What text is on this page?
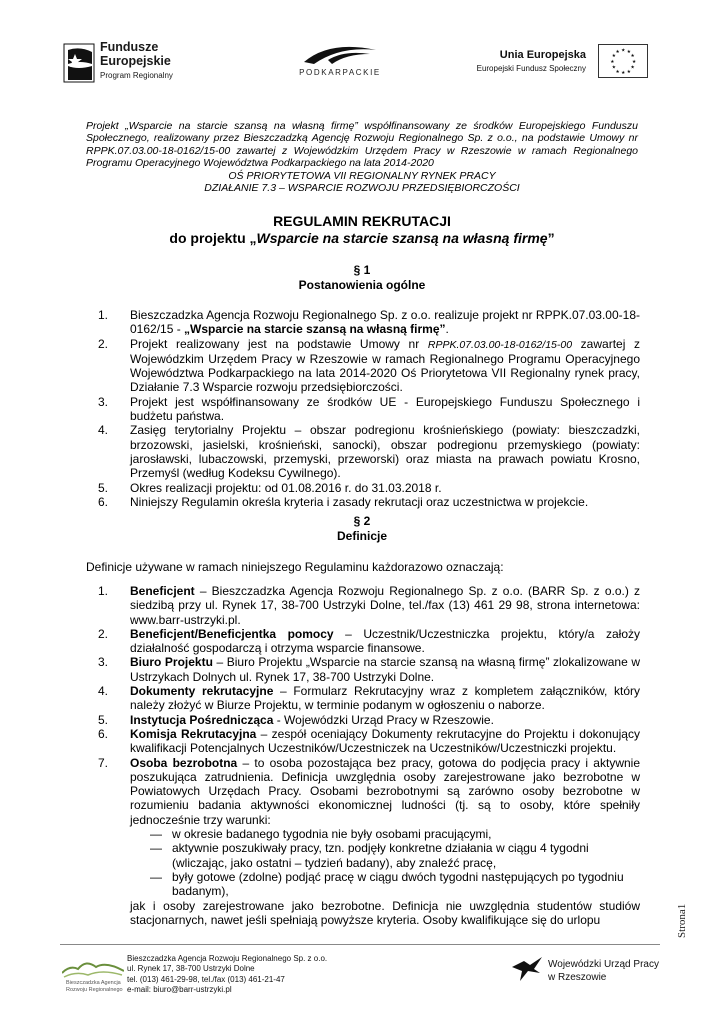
Fundusze
Europejskie
Program Regionalny	PODKARPACKIE
Unia Europejska
Europejski Fundusz Społeczny
★ ★
★
★
★
★
★
★
★
★
★
★
Projekt „Wsparcie na starcie szansą na własną firmę” współfinansowany ze środków Europejskiego Funduszu Społecznego, realizowany przez Bieszczadzką Agencję Rozwoju Regionalnego Sp. z o.o., na podstawie Umowy nr RPPK.07.03.00-18-0162/15-00 zawartej z Wojewódzkim Urzędem Pracy w Rzeszowie w ramach Regionalnego Programu Operacyjnego Województwa Podkarpackiego na lata 2014-2020
OŚ PRIORYTETOWA VII REGIONALNY RYNEK PRACY
DZIAŁANIE 7.3 – WSPARCIE ROZWOJU PRZEDSIĘBIORCZOŚCI
REGULAMIN REKRUTACJI
do projektu „Wsparcie na starcie szansą na własną firmę”
§ 1
Postanowienia ogólne
1. Bieszczadzka Agencja Rozwoju Regionalnego Sp. z o.o. realizuje projekt nr RPPK.07.03.00-18-0162/15 - „Wsparcie na starcie szansą na własną firmę”.
2. Projekt realizowany jest na podstawie Umowy nr RPPK.07.03.00-18-0162/15-00 zawartej z Wojewódzkim Urzędem Pracy w Rzeszowie w ramach Regionalnego Programu Operacyjnego Województwa Podkarpackiego na lata 2014-2020 Oś Priorytetowa VII Regionalny rynek pracy, Działanie 7.3 Wsparcie rozwoju przedsiębiorczości.
3. Projekt jest współfinansowany ze środków UE - Europejskiego Funduszu Społecznego i budżetu państwa.
4. Zasięg terytorialny Projektu – obszar podregionu krośnieńskiego (powiaty: bieszczadzki, brzozowski, jasielski, krośnieński, sanocki), obszar podregionu przemyskiego (powiaty: jarosławski, lubaczowski, przemyski, przeworski) oraz miasta na prawach powiatu Krosno, Przemyśl (według Kodeksu Cywilnego).
5. Okres realizacji projektu: od 01.08.2016 r. do 31.03.2018 r.
6. Niniejszy Regulamin określa kryteria i zasady rekrutacji oraz uczestnictwa w projekcie.
§ 2
Definicje
Definicje używane w ramach niniejszego Regulaminu każdorazowo oznaczają:
1. Beneficjent – Bieszczadzka Agencja Rozwoju Regionalnego Sp. z o.o. (BARR Sp. z o.o.) z siedzibą przy ul. Rynek 17, 38-700 Ustrzyki Dolne, tel./fax (13) 461 29 98, strona internetowa: www.barr-ustrzyki.pl.
2. Beneficjent/Beneficjentka pomocy – Uczestnik/Uczestniczka projektu, który/a założy działalność gospodarczą i otrzyma wsparcie finansowe.
3. Biuro Projektu – Biuro Projektu „Wsparcie na starcie szansą na własną firmę” zlokalizowane w Ustrzykach Dolnych ul. Rynek 17, 38-700 Ustrzyki Dolne.
4. Dokumenty rekrutacyjne – Formularz Rekrutacyjny wraz z kompletem załączników, który należy złożyć w Biurze Projektu, w terminie podanym w ogłoszeniu o naborze.
5. Instytucja Pośrednicząca - Wojewódzki Urząd Pracy w Rzeszowie.
6. Komisja Rekrutacyjna – zespół oceniający Dokumenty rekrutacyjne do Projektu i dokonujący kwalifikacji Potencjalnych Uczestników/Uczestniczek na Uczestników/Uczestniczki projektu.
7. Osoba bezrobotna – to osoba pozostająca bez pracy, gotowa do podjęcia pracy i aktywnie poszukująca zatrudnienia. Definicja uwzględnia osoby zarejestrowane jako bezrobotne w Powiatowych Urzędach Pracy. Osobami bezrobotnymi są zarówno osoby bezrobotne w rozumieniu badania aktywności ekonomicznej ludności (tj. są to osoby, które spełniły jednocześnie trzy warunki:
— w okresie badanego tygodnia nie były osobami pracującymi,
— aktywnie poszukiwały pracy, tzn. podjęły konkretne działania w ciągu 4 tygodni (wliczając, jako ostatni – tydzień badany), aby znaleźć pracę,
— były gotowe (zdolne) podjąć pracę w ciągu dwóch tygodni następujących po tygodniu badanym),
jak i osoby zarejestrowane jako bezrobotne. Definicja nie uwzględnia studentów studiów stacjonarnych, nawet jeśli spełniają powyższe kryteria. Osoby kwalifikujące się do urlopu
Bieszczadzka Agencja
Rozwoju Regionalnego
Bieszczadzka Agencja Rozwoju Regionalnego Sp. z o.o.
ul. Rynek 17, 38-700 Ustrzyki Dolne
tel. (013) 461-29-98, tel./fax (013) 461-21-47
e-mail: biuro@barr-ustrzyki.pl
Wojewódzki Urząd Pracy
w Rzeszowie
Strona1
